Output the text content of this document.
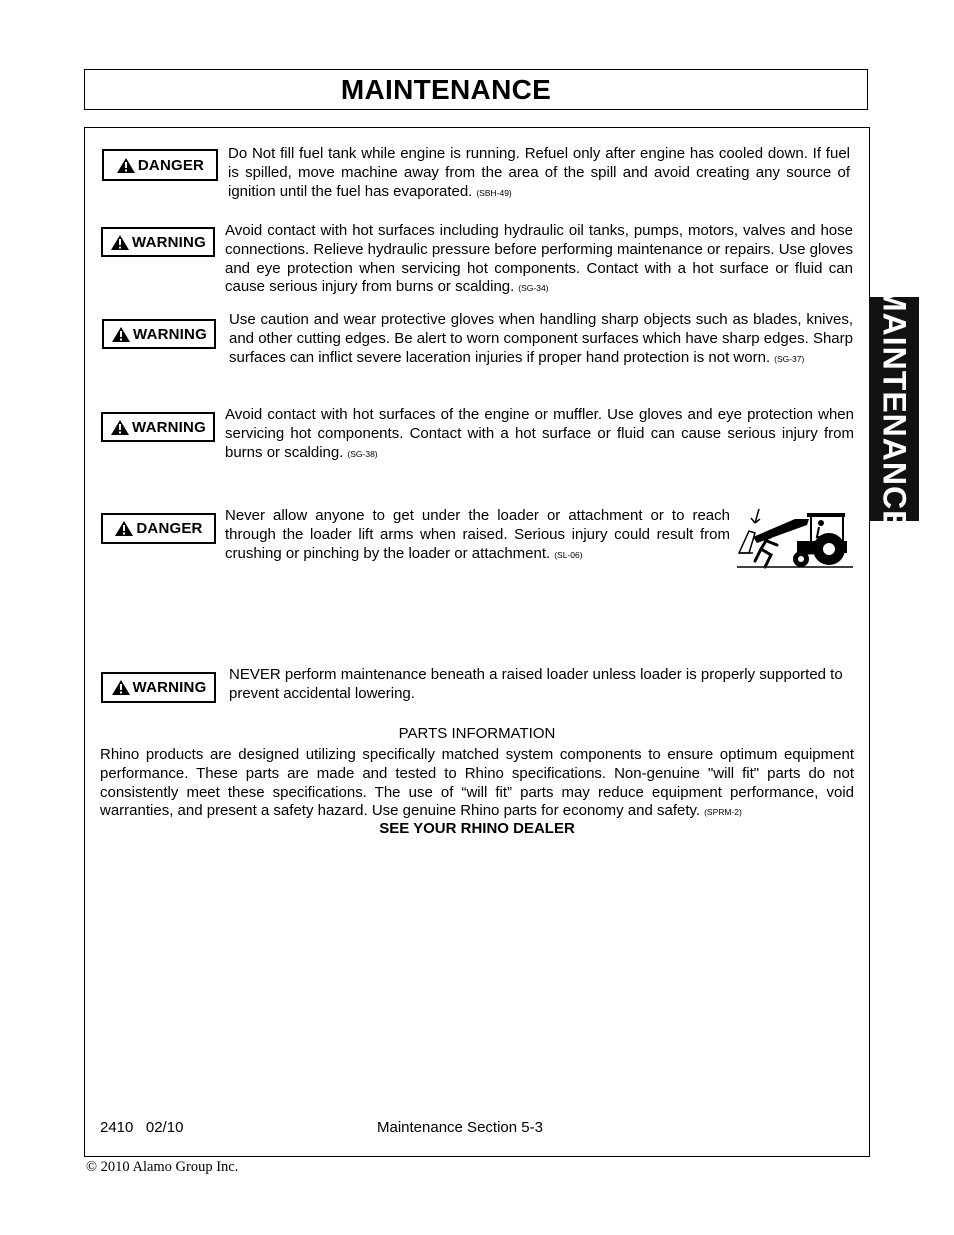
MAINTENANCE
MAINTENANCE
DANGER

Do Not fill fuel tank while engine is running. Refuel only after engine has cooled down. If fuel is spilled, move machine away from the area of the spill and avoid creating any source of ignition until the fuel has evaporated. (SBH-49)

WARNING

Avoid contact with hot surfaces including hydraulic oil tanks, pumps, motors, valves and hose connections. Relieve hydraulic pressure before performing maintenance or repairs. Use gloves and eye protection when servicing hot components. Contact with a hot surface or fluid can cause serious injury from burns or scalding. (SG-34)

WARNING

Use caution and wear protective gloves when handling sharp objects such as blades, knives, and other cutting edges. Be alert to worn component surfaces which have sharp edges. Sharp surfaces can inflict severe laceration injuries if proper hand protection is not worn. (SG-37)

WARNING

Avoid contact with hot surfaces of the engine or muffler. Use gloves and eye protection when servicing hot components. Contact with a hot surface or fluid can cause serious injury from burns or scalding. (SG-38)

DANGER

Never allow anyone to get under the loader or attachment or to reach through the loader lift arms when raised. Serious injury could result from crushing or pinching by the loader or attachment. (SL-06)

WARNING

NEVER perform maintenance beneath a raised loader unless loader is properly supported to prevent accidental lowering.

PARTS INFORMATION

Rhino products are designed utilizing specifically matched system components to ensure optimum equipment performance. These parts are made and tested to Rhino specifications. Non-genuine "will fit" parts do not consistently meet these specifications. The use of “will fit” parts may reduce equipment performance, void warranties, and present a safety hazard. Use genuine Rhino parts for economy and safety. (SPRM-2)

SEE YOUR RHINO DEALER

2410   02/10	Maintenance Section 5-3
© 2010 Alamo Group Inc.
